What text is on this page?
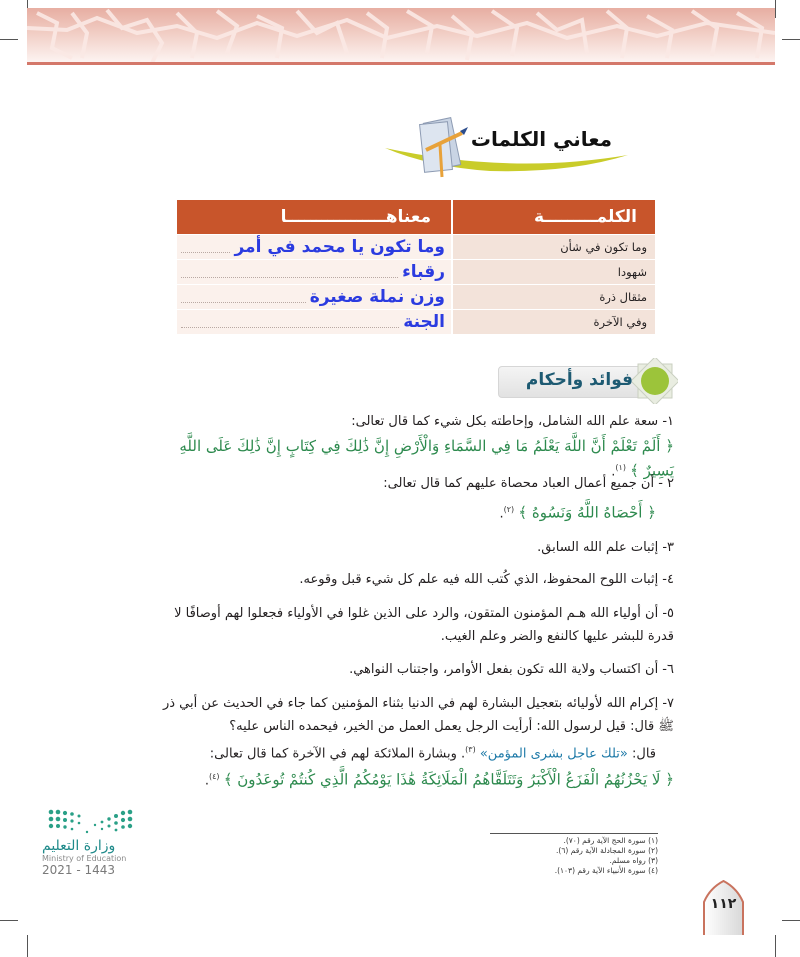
معاني الكلمات
الكلمـــــــــة
معناهـــــــــــــــــا
وما تكون في شأن
وما تكون يا محمد في أمر
شهودا
رقباء
مثقال ذرة
وزن نملة صغيرة
وفي الآخرة
الجنة
فوائد وأحكام

١- سعة علم الله الشامل، وإحاطته بكل شيء كما قال تعالى:

﴿ أَلَمْ تَعْلَمْ أَنَّ اللَّهَ يَعْلَمُ مَا فِي السَّمَاءِ وَالْأَرْضِ إِنَّ ذَٰلِكَ فِي كِتَابٍ إِنَّ ذَٰلِكَ عَلَى اللَّهِ يَسِيرٌ ﴾ $^{(١)}$.

٢ - أن جميع أعمال العباد محصاة عليهم كما قال تعالى:

﴿ أَحْصَاهُ اللَّهُ وَنَسُوهُ ﴾ $^{(٢)}$.

٣- إثبات علم الله السابق.

٤- إثبات اللوح المحفوظ، الذي كُتب الله فيه علم كل شيء قبل وقوعه.

٥- أن أولياء الله هـم المؤمنون المتقون، والرد على الذين غلوا في الأولياء فجعلوا لهم أوصافًا لا قدرة للبشر عليها كالنفع والضر وعلم الغيب.

٦- أن اكتساب ولاية الله تكون بفعل الأوامر، واجتناب النواهي.

٧- إكرام الله لأوليائه بتعجيل البشارة لهم في الدنيا بثناء المؤمنين كما جاء في الحديث عن أبي ذر ﷺ قال: قيل لرسول الله: أرأيت الرجل يعمل العمل من الخير، فيحمده الناس عليه؟

قال: «تلك عاجل بشرى المؤمن» $^{(٣)}$. وبشارة الملائكة لهم في الآخرة كما قال تعالى:

﴿ لَا يَحْزُنُهُمُ الْفَزَعُ الْأَكْبَرُ وَتَتَلَقَّاهُمُ الْمَلَائِكَةُ هَٰذَا يَوْمُكُمُ الَّذِي كُنتُمْ تُوعَدُونَ ﴾ $^{(٤)}$.

(١) سورة الحج الآية رقم (٧٠).
(٢) سورة المجادلة الآية رقم (٦).
(٣) رواه مسلم.
(٤) سورة الأنبياء الآية رقم (١٠٣).
وزارة التعليم
Ministry of Education
2021 - 1443
١١٢
